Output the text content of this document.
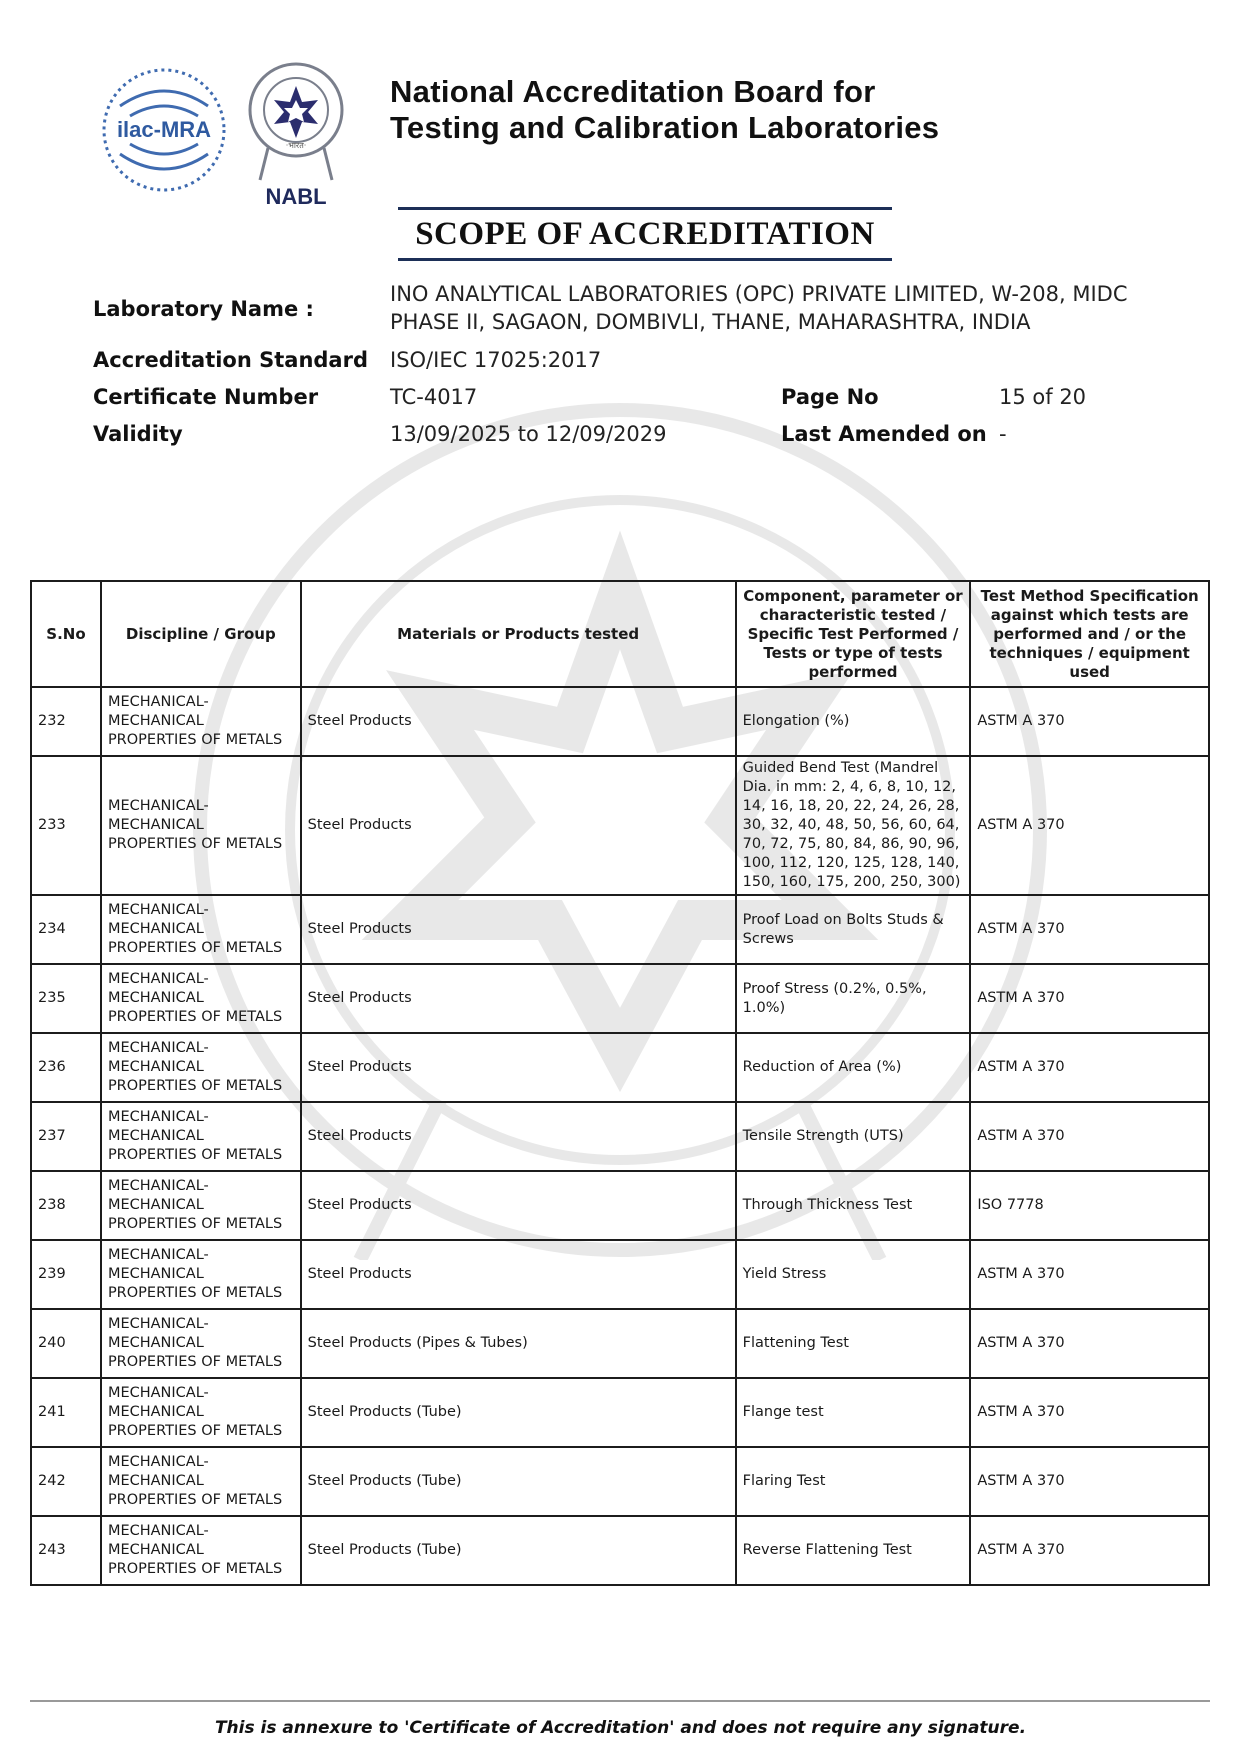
ilac-MRA
·भारत·
NABL
National Accreditation Board for
Testing and Calibration Laboratories
SCOPE OF ACCREDITATION
Laboratory Name :
INO ANALYTICAL LABORATORIES (OPC) PRIVATE LIMITED, W-208, MIDC
PHASE II, SAGAON, DOMBIVLI, THANE, MAHARASHTRA, INDIA
Accreditation Standard ISO/IEC 17025:2017
Certificate Number	TC-4017	Page No	15 of 20
Validity	13/09/2025 to 12/09/2029	Last Amended on -
S.No	Discipline / Group	Materials or Products tested	Component, parameter or characteristic tested / Specific Test Performed / Tests or type of tests performed	Test Method Specification against which tests are performed and / or the techniques / equipment used
232	MECHANICAL- MECHANICAL PROPERTIES OF METALS	Steel Products	Elongation (%)	ASTM A 370
233	MECHANICAL- MECHANICAL PROPERTIES OF METALS	Steel Products	Guided Bend Test (Mandrel Dia. in mm: 2, 4, 6, 8, 10, 12, 14, 16, 18, 20, 22, 24, 26, 28, 30, 32, 40, 48, 50, 56, 60, 64, 70, 72, 75, 80, 84, 86, 90, 96, 100, 112, 120, 125, 128, 140, 150, 160, 175, 200, 250, 300)	ASTM A 370
234	MECHANICAL- MECHANICAL PROPERTIES OF METALS	Steel Products	Proof Load on Bolts Studs & Screws	ASTM A 370
235	MECHANICAL- MECHANICAL PROPERTIES OF METALS	Steel Products	Proof Stress (0.2%, 0.5%, 1.0%)	ASTM A 370
236	MECHANICAL- MECHANICAL PROPERTIES OF METALS	Steel Products	Reduction of Area (%)	ASTM A 370
237	MECHANICAL- MECHANICAL PROPERTIES OF METALS	Steel Products	Tensile Strength (UTS)	ASTM A 370
238	MECHANICAL- MECHANICAL PROPERTIES OF METALS	Steel Products	Through Thickness Test	ISO 7778
239	MECHANICAL- MECHANICAL PROPERTIES OF METALS	Steel Products	Yield Stress	ASTM A 370
240	MECHANICAL- MECHANICAL PROPERTIES OF METALS	Steel Products (Pipes & Tubes)	Flattening Test	ASTM A 370
241	MECHANICAL- MECHANICAL PROPERTIES OF METALS	Steel Products (Tube)	Flange test	ASTM A 370
242	MECHANICAL- MECHANICAL PROPERTIES OF METALS	Steel Products (Tube)	Flaring Test	ASTM A 370
243	MECHANICAL- MECHANICAL PROPERTIES OF METALS	Steel Products (Tube)	Reverse Flattening Test	ASTM A 370
This is annexure to 'Certificate of Accreditation' and does not require any signature.
